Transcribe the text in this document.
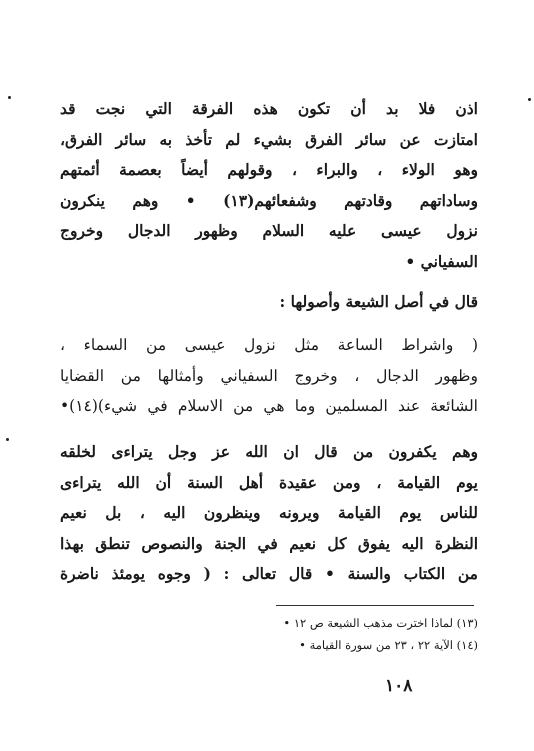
اذن فلا بد أن تكون هذه الفرقة التي نجت قد
امتازت عن سائر الفرق بشيء لم تأخذ به سائر الفرق،
وهو الولاء ، والبراء ، وقولهم أيضاً بعصمة أئمتهم
وساداتهم وقادتهم وشفعائهم(١٣) • وهم ينكرون
نزول عيسى عليه السلام وظهور الدجال وخروج
السفياني •
قال في أصل الشيعة وأصولها :
( واشراط الساعة مثل نزول عيسى من السماء ،
وظهور الدجال ، وخروج السفياني وأمثالها من القضايا
الشائعة عند المسلمين وما هي من الاسلام في شيء)(١٤)•
وهم يكفرون من قال ان الله عز وجل يتراءى لخلقه
يوم القيامة ، ومن عقيدة أهل السنة أن الله يتراءى
للناس يوم القيامة ويرونه وينظرون اليه ، بل نعيم
النظرة اليه يفوق كل نعيم في الجنة والنصوص تنطق بهذا
من الكتاب والسنة • قال تعالى : ( وجوه يومئذ ناضرة
(١٣) لماذا اخترت مذهب الشيعة ص ١٢ •
(١٤) الآية ٢٢ ، ٢٣ من سورة القيامة •
١٠٨
